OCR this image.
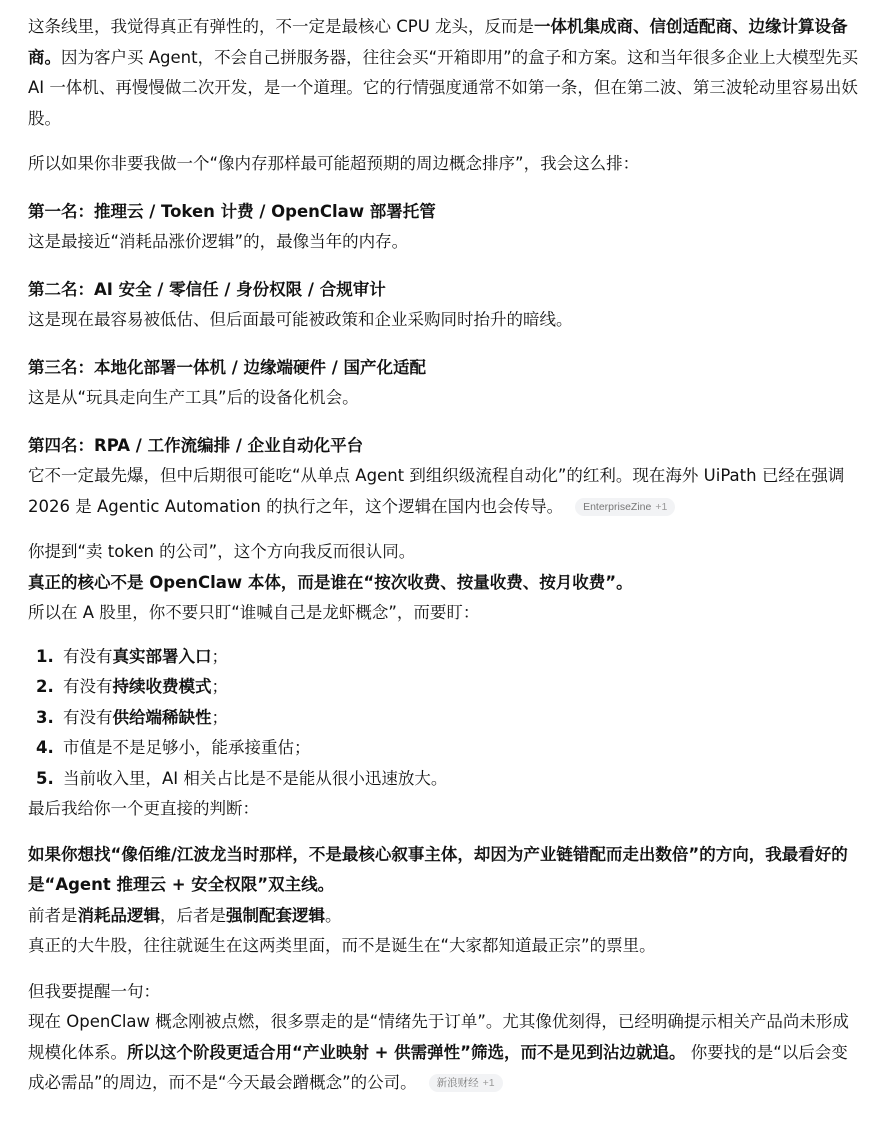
这条线里，我觉得真正有弹性的，不一定是最核心 CPU 龙头，反而是一体机集成商、信创适配商、边缘计算设备商。因为客户买 Agent，不会自己拼服务器，往往会买“开箱即用”的盒子和方案。这和当年很多企业上大模型先买 AI 一体机、再慢慢做二次开发，是一个道理。它的行情强度通常不如第一条，但在第二波、第三波轮动里容易出妖股。

所以如果你非要我做一个“像内存那样最可能超预期的周边概念排序”，我会这么排：

第一名：推理云 / Token 计费 / OpenClaw 部署托管

这是最接近“消耗品涨价逻辑”的，最像当年的内存。

第二名：AI 安全 / 零信任 / 身份权限 / 合规审计

这是现在最容易被低估、但后面最可能被政策和企业采购同时抬升的暗线。

第三名：本地化部署一体机 / 边缘端硬件 / 国产化适配

这是从“玩具走向生产工具”后的设备化机会。

第四名：RPA / 工作流编排 / 企业自动化平台

它不一定最先爆，但中后期很可能吃“从单点 Agent 到组织级流程自动化”的红利。现在海外 UiPath 已经在强调 2026 是 Agentic Automation 的执行之年，这个逻辑在国内也会传导。 EnterpriseZine +1

你提到“卖 token 的公司”，这个方向我反而很认同。

真正的核心不是 OpenClaw 本体，而是谁在“按次收费、按量收费、按月收费”。

所以在 A 股里，你不要只盯“谁喊自己是龙虾概念”，而要盯：

1. 有没有真实部署入口；
2. 有没有持续收费模式；
3. 有没有供给端稀缺性；
4. 市值是不是足够小，能承接重估；
5. 当前收入里，AI 相关占比是不是能从很小迅速放大。

最后我给你一个更直接的判断：

如果你想找“像佰维/江波龙当时那样，不是最核心叙事主体，却因为产业链错配而走出数倍”的方向，我最看好的是“Agent 推理云 + 安全权限”双主线。

前者是消耗品逻辑，后者是强制配套逻辑。

真正的大牛股，往往就诞生在这两类里面，而不是诞生在“大家都知道最正宗”的票里。

但我要提醒一句：

现在 OpenClaw 概念刚被点燃，很多票走的是“情绪先于订单”。尤其像优刻得，已经明确提示相关产品尚未形成规模化体系。所以这个阶段更适合用“产业映射 + 供需弹性”筛选，而不是见到沾边就追。 你要找的是“以后会变成必需品”的周边，而不是“今天最会蹭概念”的公司。 新浪财经 +1
